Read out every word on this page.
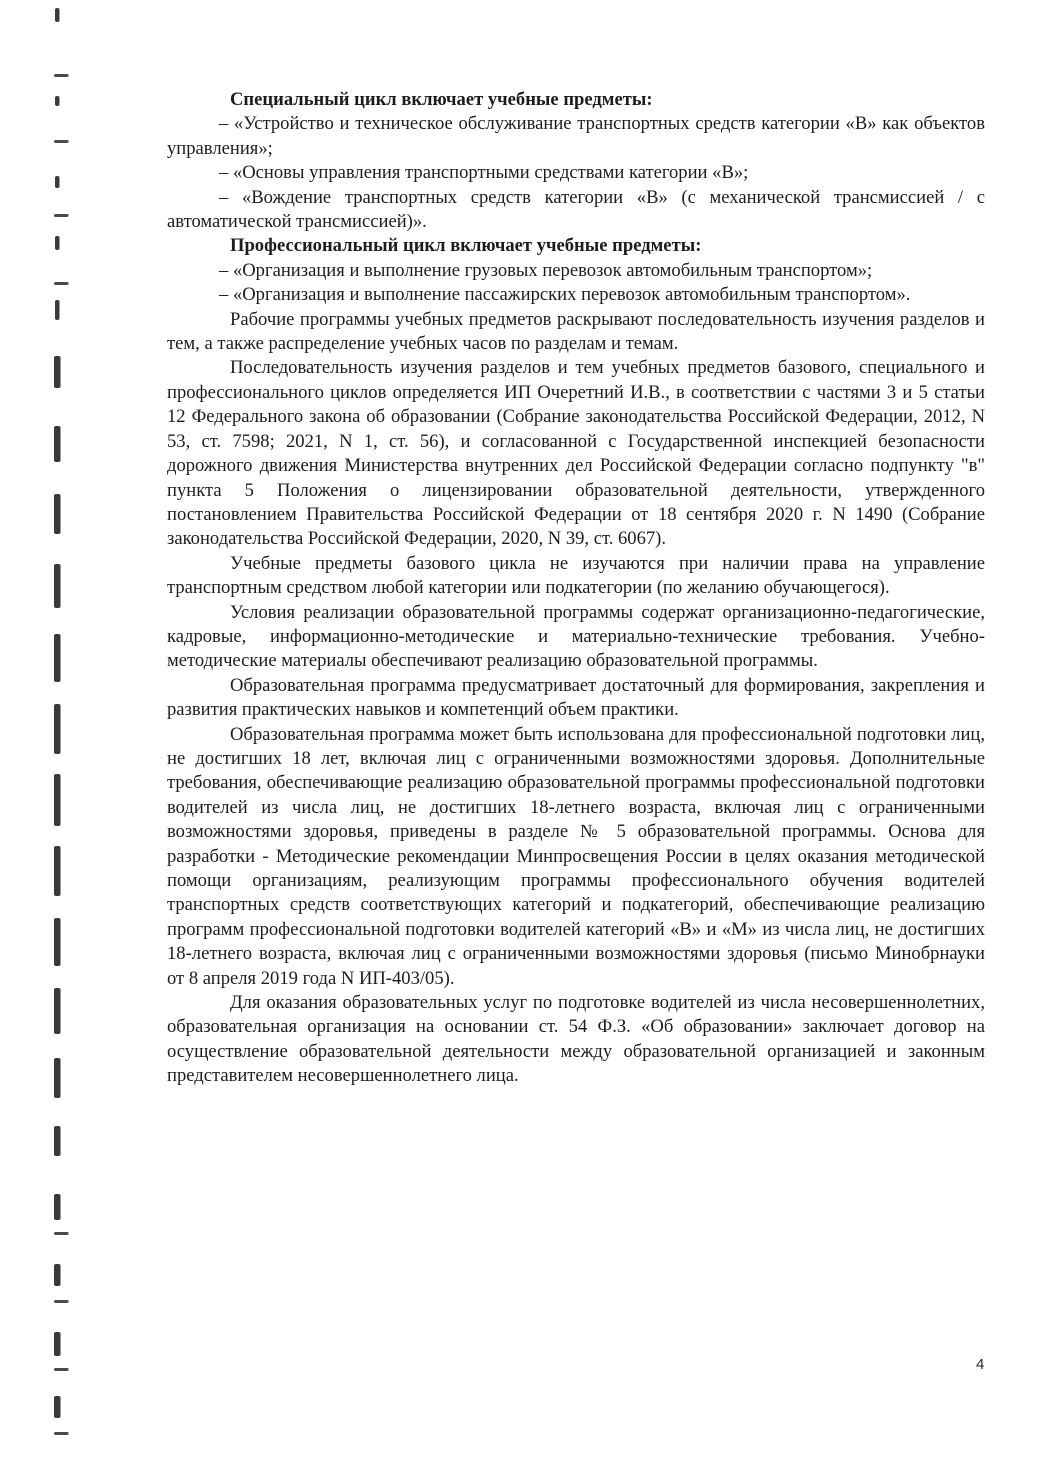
Специальный цикл включает учебные предметы:

– «Устройство и техническое обслуживание транспортных средств категории «B» как объектов управления»;

– «Основы управления транспортными средствами категории «B»;

– «Вождение транспортных средств категории «B» (с механической трансмиссией / с автоматической трансмиссией)».

Профессиональный цикл включает учебные предметы:

– «Организация и выполнение грузовых перевозок автомобильным транспортом»;

– «Организация и выполнение пассажирских перевозок автомобильным транспортом».

Рабочие программы учебных предметов раскрывают последовательность изучения разделов и тем, а также распределение учебных часов по разделам и темам.

Последовательность изучения разделов и тем учебных предметов базового, специального и профессионального циклов определяется ИП Очеретний И.В., в соответствии с частями 3 и 5 статьи 12 Федерального закона об образовании (Собрание законодательства Российской Федерации, 2012, N 53, ст. 7598; 2021, N 1, ст. 56), и согласованной с Государственной инспекцией безопасности дорожного движения Министерства внутренних дел Российской Федерации согласно подпункту "в" пункта 5 Положения о лицензировании образовательной деятельности, утвержденного постановлением Правительства Российской Федерации от 18 сентября 2020 г. N 1490 (Собрание законодательства Российской Федерации, 2020, N 39, ст. 6067).

Учебные предметы базового цикла не изучаются при наличии права на управление транспортным средством любой категории или подкатегории (по желанию обучающегося).

Условия реализации образовательной программы содержат организационно-педагогические, кадровые, информационно-методические и материально-технические требования. Учебно-методические материалы обеспечивают реализацию образовательной программы.

Образовательная программа предусматривает достаточный для формирования, закрепления и развития практических навыков и компетенций объем практики.

Образовательная программа может быть использована для профессиональной подготовки лиц, не достигших 18 лет, включая лиц с ограниченными возможностями здоровья. Дополнительные требования, обеспечивающие реализацию образовательной программы профессиональной подготовки водителей из числа лиц, не достигших 18-летнего возраста, включая лиц с ограниченными возможностями здоровья, приведены в разделе № 5 образовательной программы. Основа для разработки - Методические рекомендации Минпросвещения России в целях оказания методической помощи организациям, реализующим программы профессионального обучения водителей транспортных средств соответствующих категорий и подкатегорий, обеспечивающие реализацию программ профессиональной подготовки водителей категорий «B» и «M» из числа лиц, не достигших 18-летнего возраста, включая лиц с ограниченными возможностями здоровья (письмо Минобрнауки от 8 апреля 2019 года N ИП-403/05).

Для оказания образовательных услуг по подготовке водителей из числа несовершеннолетних, образовательная организация на основании ст. 54 Ф.З. «Об образовании» заключает договор на осуществление образовательной деятельности между образовательной организацией и законным представителем несовершеннолетнего лица.

4
